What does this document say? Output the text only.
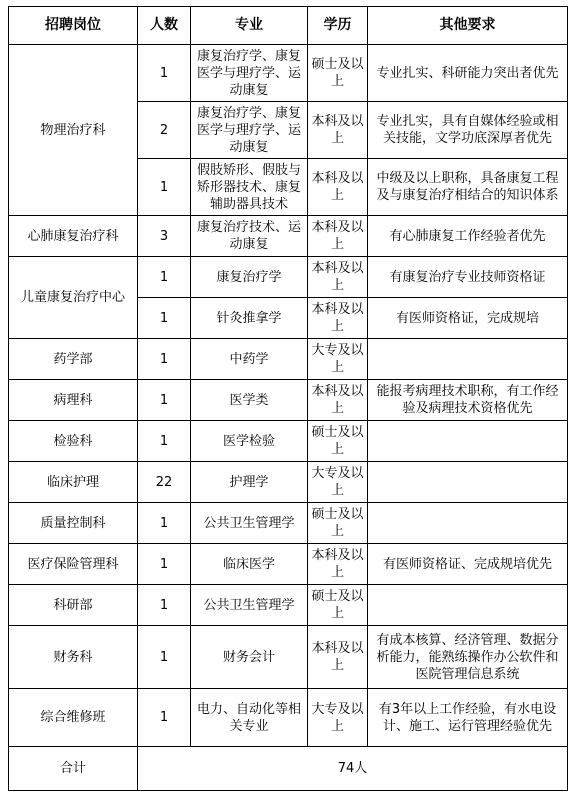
招聘岗位	人数	专业	学历	其他要求
物理治疗科	1	康复治疗学、康复医学与理疗学、运动康复	硕士及以上	专业扎实、科研能力突出者优先
	2	康复治疗学、康复医学与理疗学、运动康复	本科及以上	专业扎实，具有自媒体经验或相关技能，文学功底深厚者优先
	1	假肢矫形、假肢与矫形器技术、康复辅助器具技术	本科及以上	中级及以上职称，具备康复工程及与康复治疗相结合的知识体系
心肺康复治疗科	3	康复治疗技术、运动康复	本科及以上	有心肺康复工作经验者优先
儿童康复治疗中心	1	康复治疗学	本科及以上	有康复治疗专业技师资格证
	1	针灸推拿学	本科及以上	有医师资格证，完成规培
药学部	1	中药学	大专及以上	
病理科	1	医学类	本科及以上	能报考病理技术职称，有工作经验及病理技术资格优先
检验科	1	医学检验	硕士及以上	
临床护理	22	护理学	大专及以上	
质量控制科	1	公共卫生管理学	硕士及以上	
医疗保险管理科	1	临床医学	本科及以上	有医师资格证、完成规培优先
科研部	1	公共卫生管理学	硕士及以上	
财务科	1	财务会计	本科及以上	有成本核算、经济管理、数据分析能力，能熟练操作办公软件和医院管理信息系统
综合维修班	1	电力、自动化等相关专业	大专及以上	有3年以上工作经验，有水电设计、施工、运行管理经验优先
合计	74人			
